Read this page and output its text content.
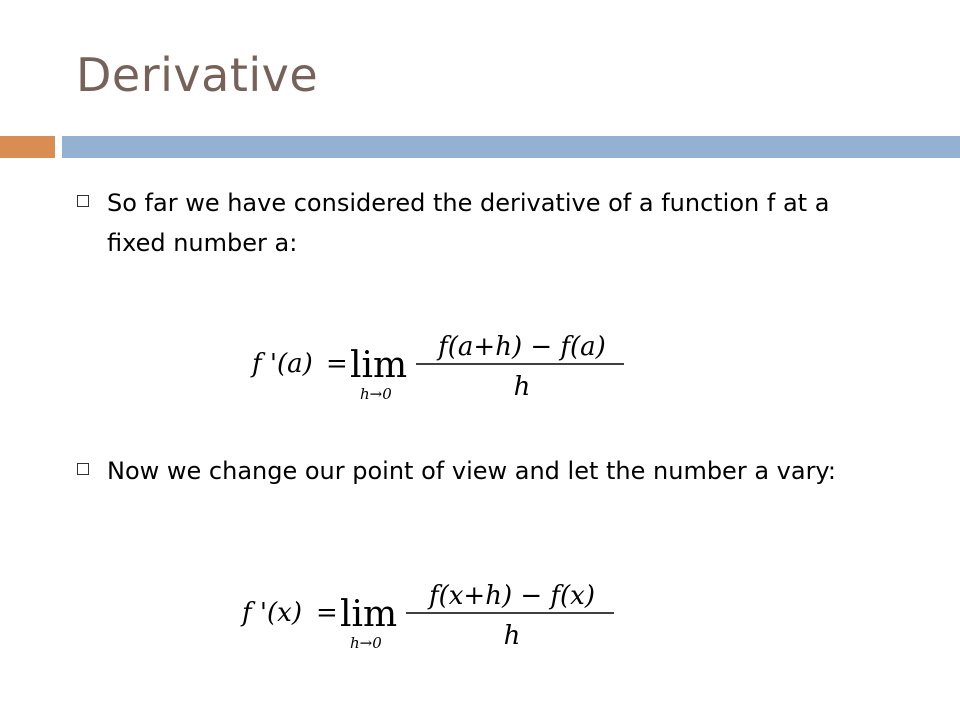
Derivative
So far we have considered the derivative of a function f at a fixed number a:
f '(a) = lim
h→0
f(a+h) − f(a)
h
Now we change our point of view and let the number a vary:
f '(x) = lim
h→0
f(x+h) − f(x)
h
